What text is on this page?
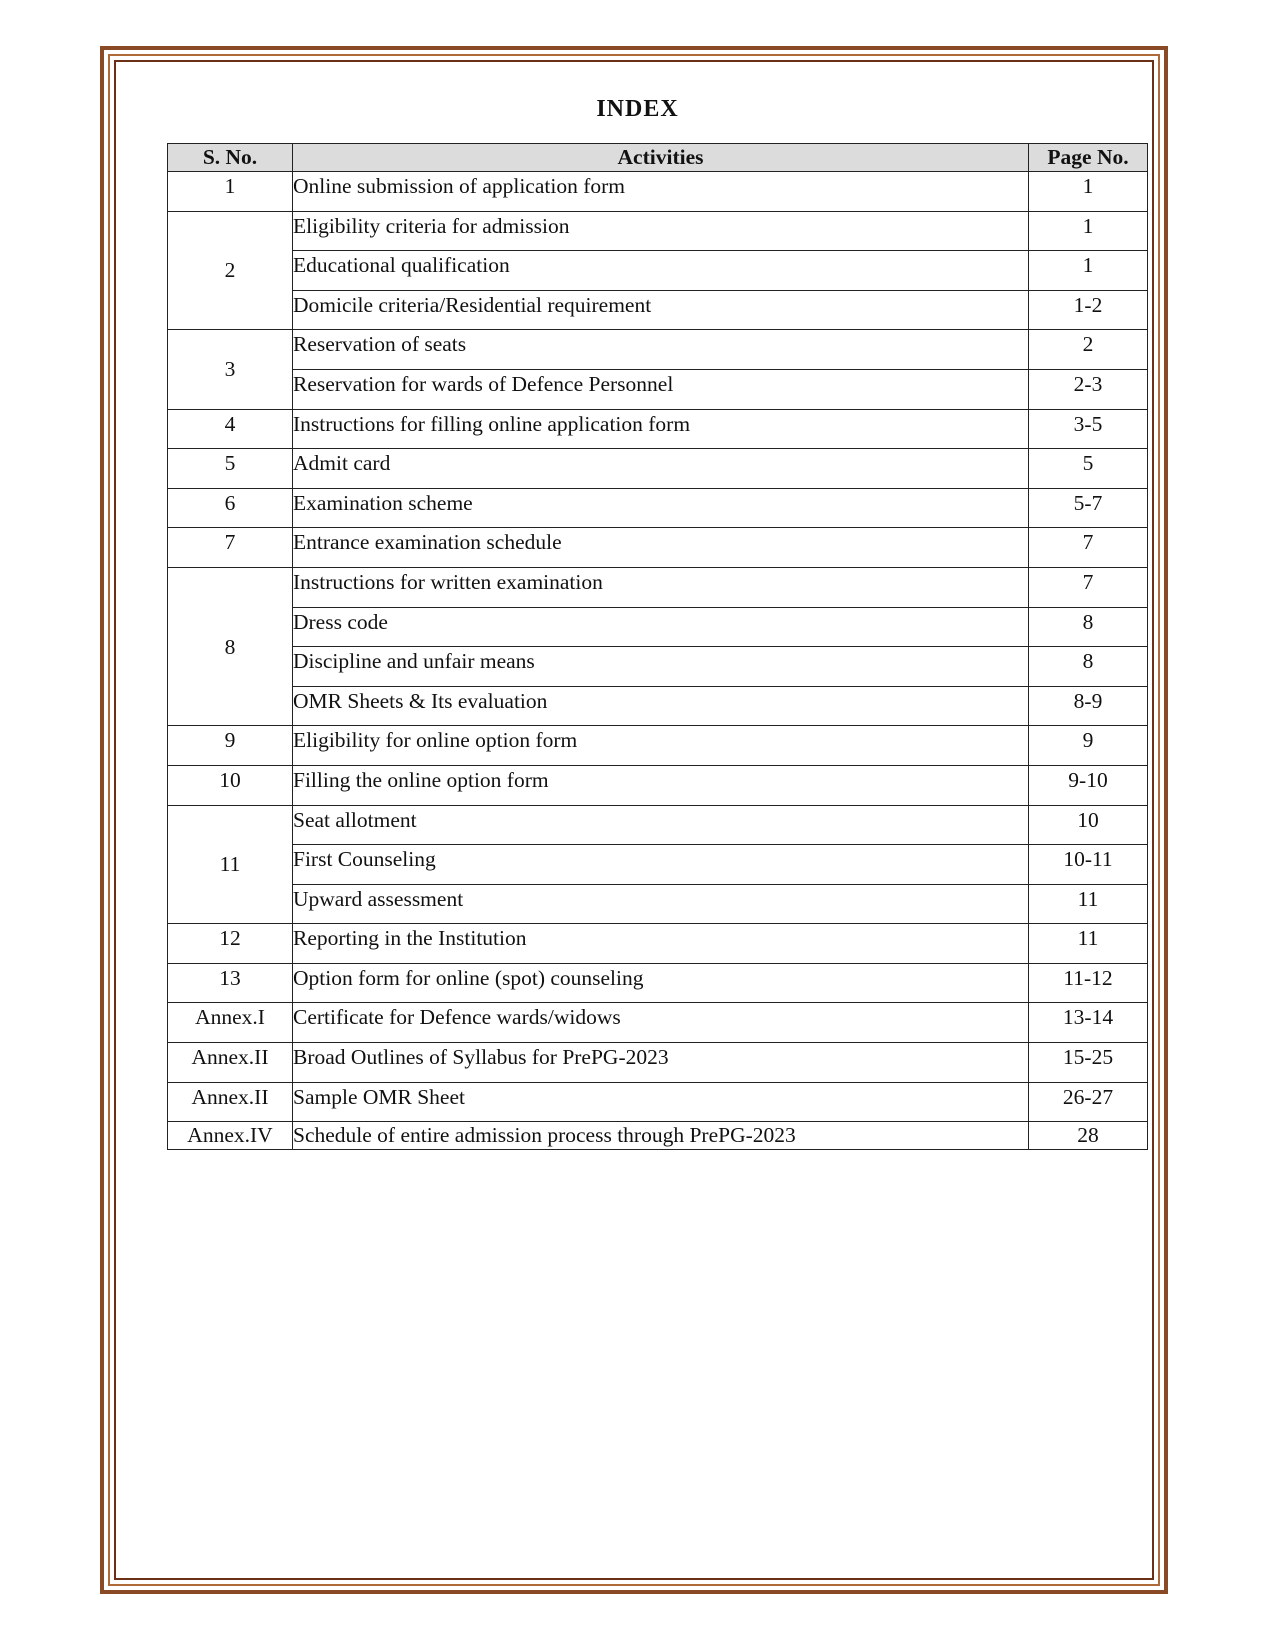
INDEX
S. No.	Activities	Page No.
1	Online submission of application form	1
2	Eligibility criteria for admission	1
	Educational qualification	1
	Domicile criteria/Residential requirement	1-2
3	Reservation of seats	2
	Reservation for wards of Defence Personnel	2-3
4	Instructions for filling online application form	3-5
5	Admit card	5
6	Examination scheme	5-7
7	Entrance examination schedule	7
8	Instructions for written examination	7
	Dress code	8
	Discipline and unfair means	8
	OMR Sheets & Its evaluation	8-9
9	Eligibility for online option form	9
10	Filling the online option form	9-10
11	Seat allotment	10
	First Counseling	10-11
	Upward assessment	11
12	Reporting in the Institution	11
13	Option form for online (spot) counseling	11-12
Annex.I	Certificate for Defence wards/widows	13-14
Annex.II	Broad Outlines of Syllabus for PrePG-2023	15-25
Annex.II	Sample OMR Sheet	26-27
Annex.IV	Schedule of entire admission process through PrePG-2023	28
